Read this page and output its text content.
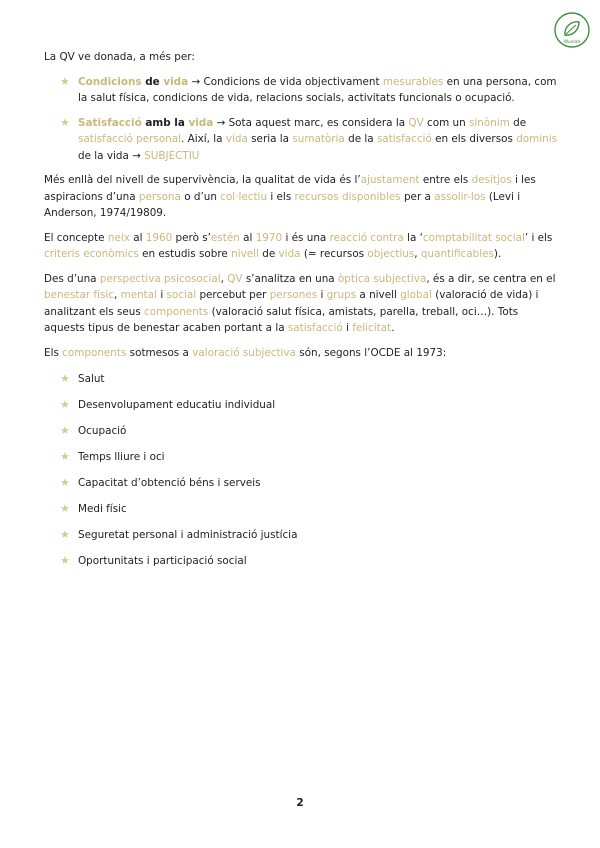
Wuolah

La QV ve donada, a més per:

★ Condicions de vida → Condicions de vida objectivament mesurables en una persona, com la salut física, condicions de vida, relacions socials, activitats funcionals o ocupació.
★ Satisfacció amb la vida → Sota aquest marc, es considera la QV com un sinònim de satisfacció personal. Així, la vida seria la sumatòria de la satisfacció en els diversos dominis de la vida → SUBJECTIU

Més enllà del nivell de supervivència, la qualitat de vida és l’ajustament entre els desitjos i les aspiracions d’una persona o d’un col·lectiu i els recursos disponibles per a assolir-los (Levi i Anderson, 1974/19809.

El concepte neix al 1960 però s’estén al 1970 i és una reacció contra la ‘comptabilitat social’ i els criteris econòmics en estudis sobre nivell de vida (= recursos objectius, quantificables).

Des d’una perspectiva psicosocial, QV s’analitza en una òptica subjectiva, és a dir, se centra en el benestar físic, mental i social percebut per persones i grups a nivell global (valoració de vida) i analitzant els seus components (valoració salut física, amistats, parella, treball, oci…). Tots aquests tipus de benestar acaben portant a la satisfacció i felicitat.

Els components sotmesos a valoració subjectiva són, segons l’OCDE al 1973:

★ Salut
★ Desenvolupament educatiu individual
★ Ocupació
★ Temps lliure i oci
★ Capacitat d’obtenció béns i serveis
★ Medi físic
★ Seguretat personal i administració justícia
★ Oportunitats i participació social
2
